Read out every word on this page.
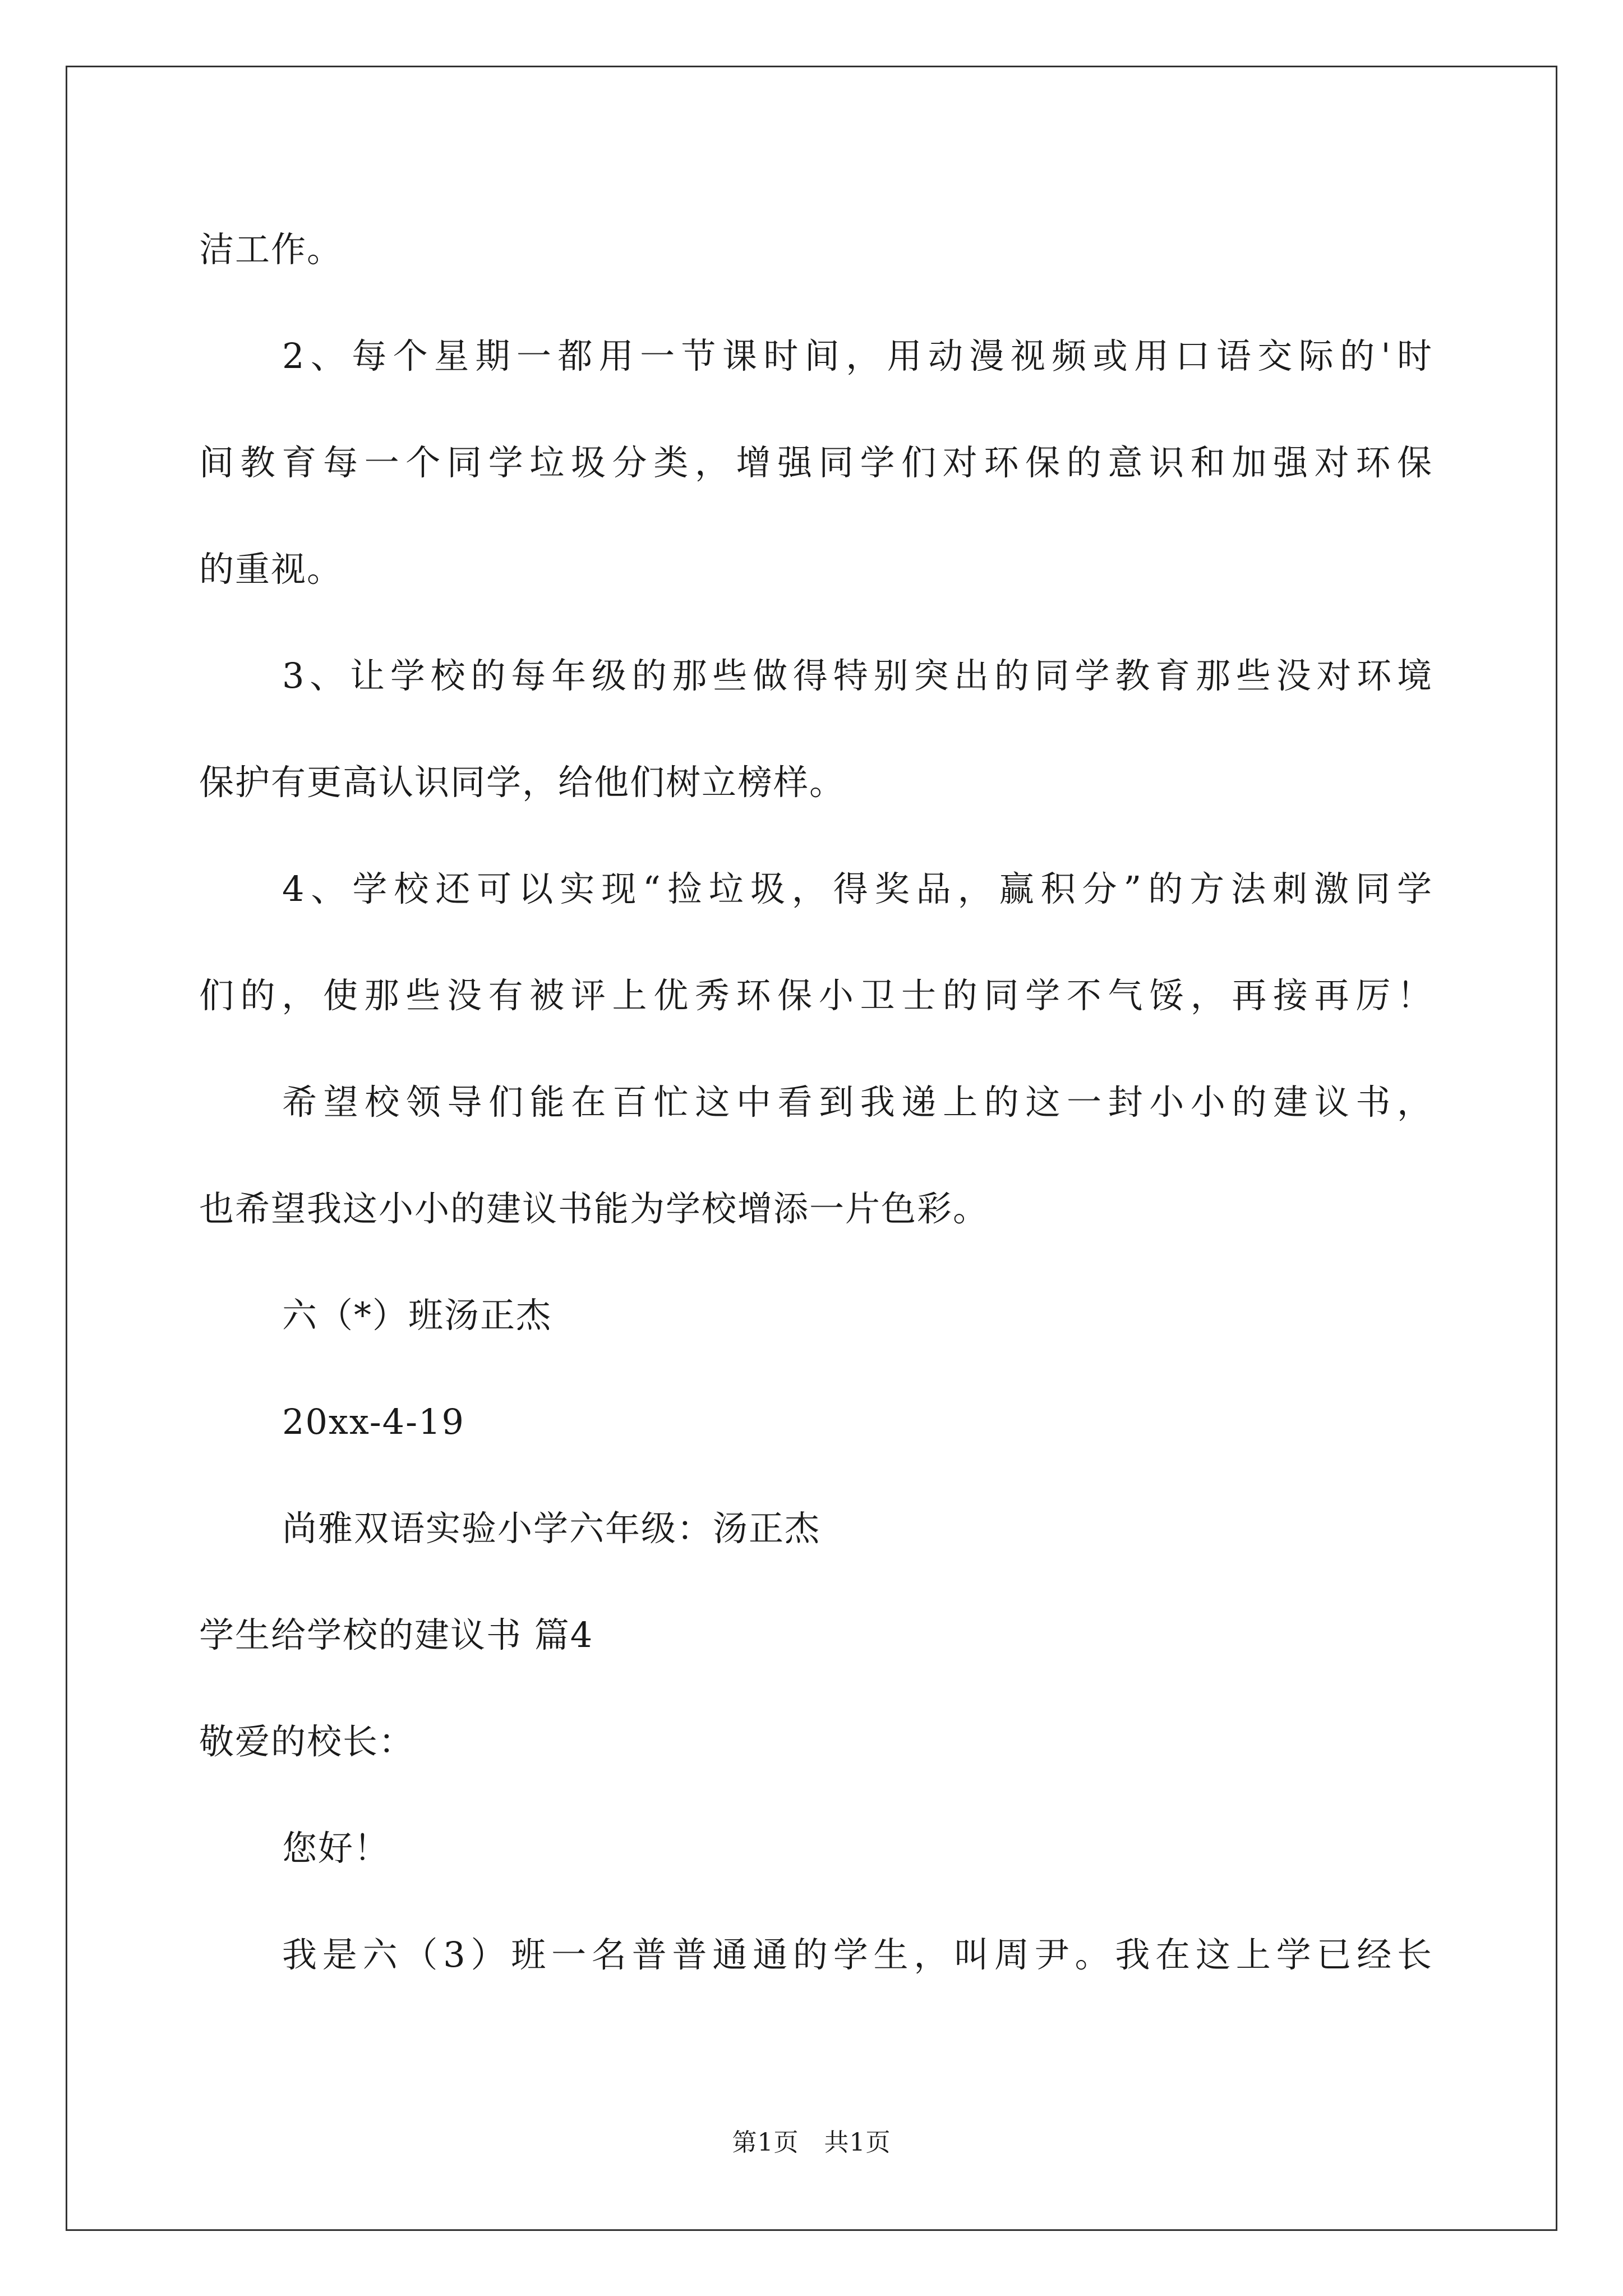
洁工作。
2、每个星期一都用一节课时间，用动漫视频或用口语交际的'时
间教育每一个同学垃圾分类，增强同学们对环保的意识和加强对环保
的重视。
3、让学校的每年级的那些做得特别突出的同学教育那些没对环境
保护有更高认识同学，给他们树立榜样。
4、学校还可以实现“捡垃圾，得奖品，赢积分”的方法刺激同学
们的，使那些没有被评上优秀环保小卫士的同学不气馁，再接再厉！
希望校领导们能在百忙这中看到我递上的这一封小小的建议书，
也希望我这小小的建议书能为学校增添一片色彩。
六（*）班汤正杰
20xx-4-19
尚雅双语实验小学六年级：汤正杰
学生给学校的建议书 篇4
敬爱的校长：
您好！
我是六（3）班一名普普通通的学生，叫周尹。我在这上学已经长
第1页　共1页
